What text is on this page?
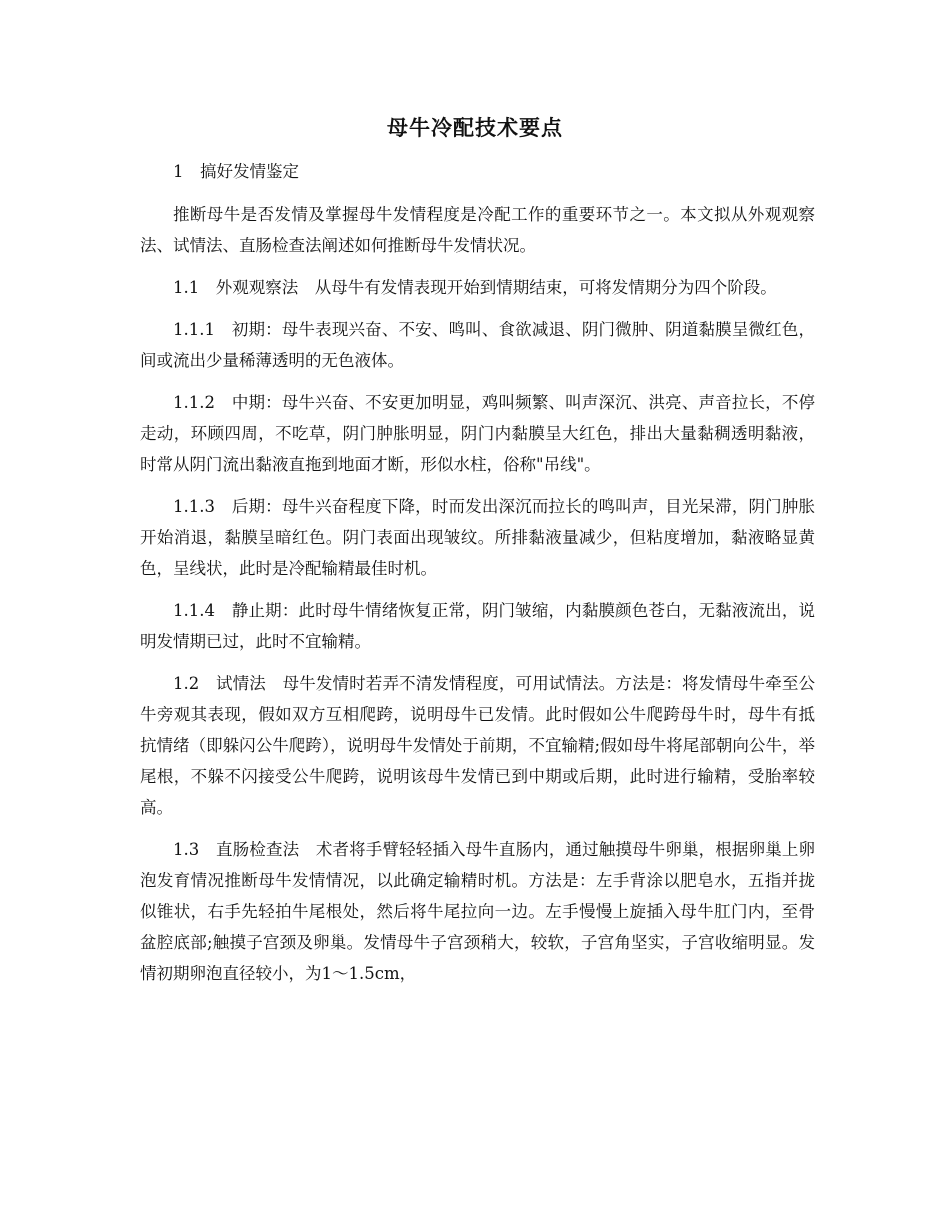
母牛冷配技术要点

1　搞好发情鉴定

推断母牛是否发情及掌握母牛发情程度是冷配工作的重要环节之一。本文拟从外观观察法、试情法、直肠检查法阐述如何推断母牛发情状况。

1.1　外观观察法　从母牛有发情表现开始到情期结束，可将发情期分为四个阶段。

1.1.1　初期：母牛表现兴奋、不安、鸣叫、食欲减退、阴门微肿、阴道黏膜呈微红色，间或流出少量稀薄透明的无色液体。

1.1.2　中期：母牛兴奋、不安更加明显，鸡叫频繁、叫声深沉、洪亮、声音拉长，不停走动，环顾四周，不吃草，阴门肿胀明显，阴门内黏膜呈大红色，排出大量黏稠透明黏液，时常从阴门流出黏液直拖到地面才断，形似水柱，俗称"吊线"。

1.1.3　后期：母牛兴奋程度下降，时而发出深沉而拉长的鸣叫声，目光呆滞，阴门肿胀开始消退，黏膜呈暗红色。阴门表面出现皱纹。所排黏液量减少，但粘度增加，黏液略显黄色，呈线状，此时是冷配输精最佳时机。

1.1.4　静止期：此时母牛情绪恢复正常，阴门皱缩，内黏膜颜色苍白，无黏液流出，说明发情期已过，此时不宜输精。

1.2　试情法　母牛发情时若弄不清发情程度，可用试情法。方法是：将发情母牛牵至公牛旁观其表现，假如双方互相爬跨，说明母牛已发情。此时假如公牛爬跨母牛时，母牛有抵抗情绪（即躲闪公牛爬跨），说明母牛发情处于前期，不宜输精;假如母牛将尾部朝向公牛，举尾根，不躲不闪接受公牛爬跨，说明该母牛发情已到中期或后期，此时进行输精，受胎率较高。

1.3　直肠检查法　术者将手臂轻轻插入母牛直肠内，通过触摸母牛卵巢，根据卵巢上卵泡发育情况推断母牛发情情况，以此确定输精时机。方法是：左手背涂以肥皂水，五指并拢似锥状，右手先轻拍牛尾根处，然后将牛尾拉向一边。左手慢慢上旋插入母牛肛门内，至骨盆腔底部;触摸子宫颈及卵巢。发情母牛子宫颈稍大，较软，子宫角坚实，子宫收缩明显。发情初期卵泡直径较小，为1～1.5cm，
